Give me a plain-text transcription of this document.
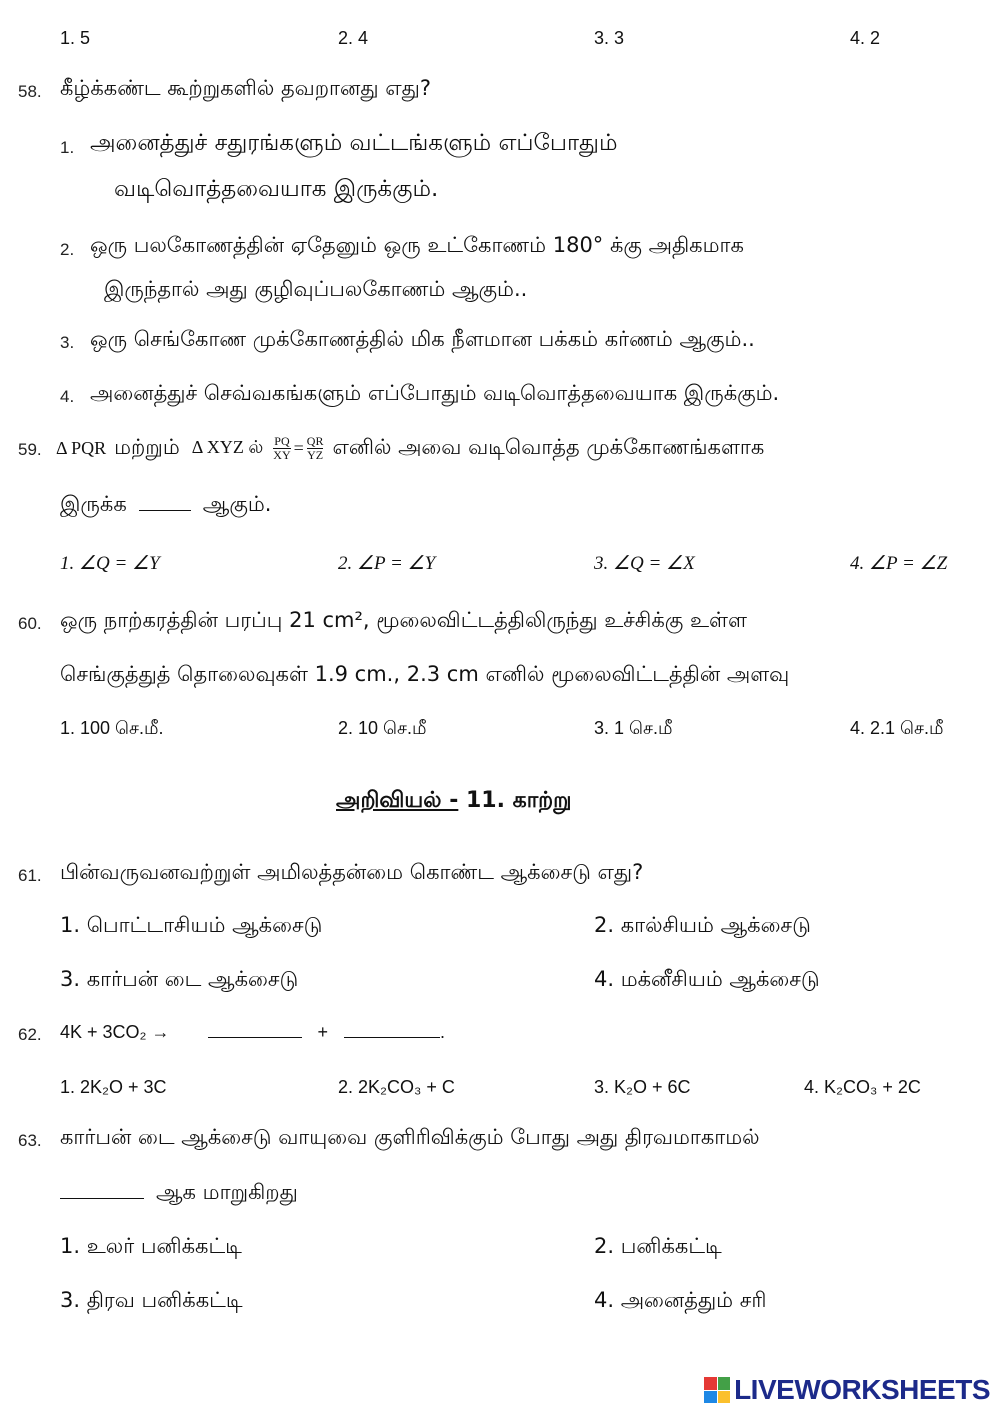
1. 5	2. 4	3. 3	4. 2
58. கீழ்க்கண்ட கூற்றுகளில் தவறானது எது?
1. அனைத்துச் சதுரங்களும் வட்டங்களும் எப்போதும்
வடிவொத்தவையாக இருக்கும்.
2. ஒரு பலகோணத்தின் ஏதேனும் ஒரு உட்கோணம் 180° க்கு அதிகமாக
இருந்தால் அது குழிவுப்பலகோணம் ஆகும்..
3. ஒரு செங்கோண முக்கோணத்தில் மிக நீளமான பக்கம் கர்ணம் ஆகும்..
4. அனைத்துச் செவ்வகங்களும் எப்போதும் வடிவொத்தவையாக இருக்கும்.
59. Δ PQR மற்றும் Δ XYZ ல் $\frac{PQ}{XY} = \frac{QR}{YZ}$ எனில் அவை வடிவொத்த முக்கோணங்களாக
இருக்க	ஆகும்.
1. ∠Q = ∠Y	2. ∠P = ∠Y	3. ∠Q = ∠X	4. ∠P = ∠Z
60. ஒரு நாற்கரத்தின் பரப்பு 21 cm², மூலைவிட்டத்திலிருந்து உச்சிக்கு உள்ள
செங்குத்துத் தொலைவுகள் 1.9 cm., 2.3 cm எனில் மூலைவிட்டத்தின் அளவு
1. 100 செ.மீ.	2. 10 செ.மீ	3. 1 செ.மீ	4. 2.1 செ.மீ
அறிவியல் - 11. காற்று
61. பின்வருவனவற்றுள் அமிலத்தன்மை கொண்ட ஆக்சைடு எது?
1. பொட்டாசியம் ஆக்சைடு	2. கால்சியம் ஆக்சைடு
3. கார்பன் டை ஆக்சைடு	4. மக்னீசியம் ஆக்சைடு
62. 4K + 3CO₂ →	+	.
1. 2K₂O + 3C	2. 2K₂CO₃ + C	3. K₂O + 6C	4. K₂CO₃ + 2C
63. கார்பன் டை ஆக்சைடு வாயுவை குளிரிவிக்கும் போது அது திரவமாகாமல்
ஆக மாறுகிறது
1. உலர் பனிக்கட்டி	2. பனிக்கட்டி
3. திரவ பனிக்கட்டி	4. அனைத்தும் சரி
LIVEWORKSHEETS
